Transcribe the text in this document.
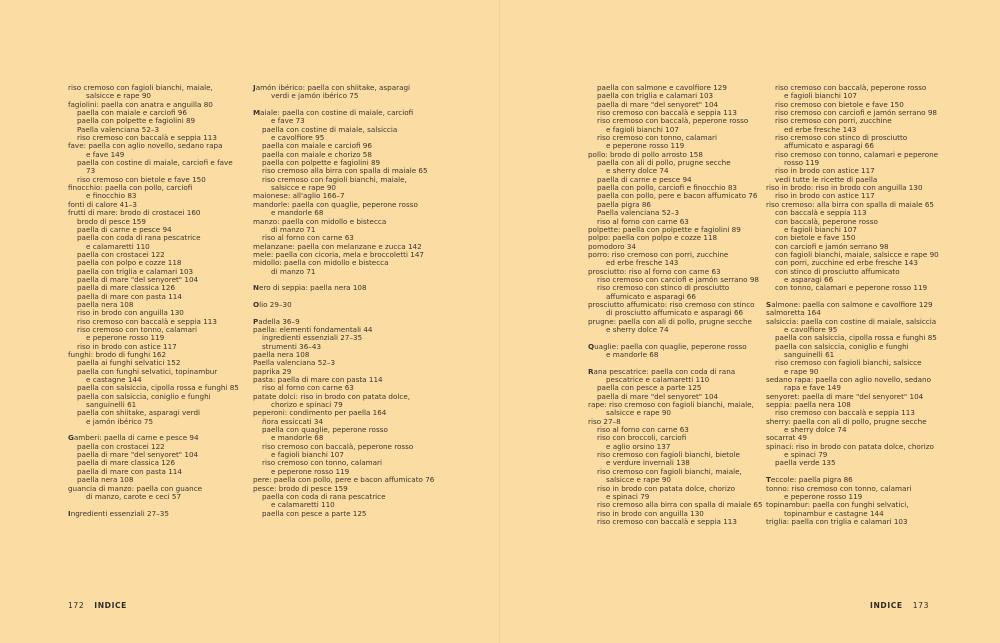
riso cremoso con fagioli bianchi, maiale,

salsicce e rape 90

fagiolini: paella con anatra e anguilla 80

paella con maiale e carciofi 96

paella con polpette e fagiolini 89

Paella valenciana 52–3

riso cremoso con baccalà e seppia 113

fave: paella con aglio novello, sedano rapa

e fave 149

paella con costine di maiale, carciofi e fave

73

riso cremoso con bietole e fave 150

finocchio: paella con pollo, carciofi

e finocchio 83

fonti di calore 41–3

frutti di mare: brodo di crostacei 160

brodo di pesce 159

paella di carne e pesce 94

paella con coda di rana pescatrice

e calamaretti 110

paella con crostacei 122

paella con polpo e cozze 118

paella con triglia e calamari 103

paella di mare "del senyoret" 104

paella di mare classica 126

paella di mare con pasta 114

paella nera 108

riso in brodo con anguilla 130

riso cremoso con baccalà e seppia 113

riso cremoso con tonno, calamari

e peperone rosso 119

riso in brodo con astice 117

funghi: brodo di funghi 162

paella ai funghi selvatici 152

paella con funghi selvatici, topinambur

e castagne 144

paella con salsiccia, cipolla rossa e funghi 85

paella con salsiccia, coniglio e funghi

sanguinelli 61

paella con shiitake, asparagi verdi

e jamón ibérico 75

Gamberi: paella di carne e pesce 94

paella con crostacei 122

paella di mare "del senyoret" 104

paella di mare classica 126

paella di mare con pasta 114

paella nera 108

guancia di manzo: paella con guance

di manzo, carote e ceci 57

Ingredienti essenziali 27–35

Jamón ibérico: paella con shiitake, asparagi

verdi e jamón ibérico 75

Maiale: paella con costine di maiale, carciofi

e fave 73

paella con costine di maiale, salsiccia

e cavolfiore 95

paella con maiale e carciofi 96

paella con maiale e chorizo 58

paella con polpette e fagiolini 89

riso cremoso alla birra con spalla di maiale 65

riso cremoso con fagioli bianchi, maiale,

salsicce e rape 90

maionese: all'aglio 166–7

mandorle: paella con quaglie, peperone rosso

e mandorle 68

manzo: paella con midollo e bistecca

di manzo 71

riso al forno con carne 63

melanzane: paella con melanzane e zucca 142

mele: paella con cicoria, mela e broccoletti 147

midollo: paella con midollo e bistecca

di manzo 71

Nero di seppia: paella nera 108

Olio 29–30

Padella 36–9

paella: elementi fondamentali 44

ingredienti essenziali 27–35

strumenti 36–43

paella nera 108

Paella valenciana 52–3

paprika 29

pasta: paella di mare con pasta 114

riso al forno con carne 63

patate dolci: riso in brodo con patata dolce,

chorizo e spinaci 79

peperoni: condimento per paella 164

ñora essiccati 34

paella con quaglie, peperone rosso

e mandorle 68

riso cremoso con baccalà, peperone rosso

e fagioli bianchi 107

riso cremoso con tonno, calamari

e peperone rosso 119

pere: paella con pollo, pere e bacon affumicato 76

pesce: brodo di pesce 159

paella con coda di rana pescatrice

e calamaretti 110

paella con pesce a parte 125

172 INDICE

paella con salmone e cavolfiore 129

paella con triglia e calamari 103

paella di mare "del senyoret" 104

riso cremoso con baccalà e seppia 113

riso cremoso con baccalà, peperone rosso

e fagioli bianchi 107

riso cremoso con tonno, calamari

e peperone rosso 119

pollo: brodo di pollo arrosto 158

paella con ali di pollo, prugne secche

e sherry dolce 74

paella di carne e pesce 94

paella con pollo, carciofi e finocchio 83

paella con pollo, pere e bacon affumicato 76

paella pigra 86

Paella valenciana 52–3

riso al forno con carne 63

polpette: paella con polpette e fagiolini 89

polpo: paella con polpo e cozze 118

pomodoro 34

porro: riso cremoso con porri, zucchine

ed erbe fresche 143

prosciutto: riso al forno con carne 63

riso cremoso con carciofi e jamón serrano 98

riso cremoso con stinco di prosciutto

affumicato e asparagi 66

prosciutto affumicato: riso cremoso con stinco

di prosciutto affumicato e asparagi 66

prugne: paella con ali di pollo, prugne secche

e sherry dolce 74

Quaglie: paella con quaglie, peperone rosso

e mandorle 68

Rana pescatrice: paella con coda di rana

pescatrice e calamaretti 110

paella con pesce a parte 125

paella di mare "del senyoret" 104

rape: riso cremoso con fagioli bianchi, maiale,

salsicce e rape 90

riso 27–8

riso al forno con carne 63

riso con broccoli, carciofi

e aglio orsino 137

riso cremoso con fagioli bianchi, bietole

e verdure invernali 138

riso cremoso con fagioli bianchi, maiale,

salsicce e rape 90

riso in brodo con patata dolce, chorizo

e spinaci 79

riso cremoso alla birra con spalla di maiale 65

riso in brodo con anguilla 130

riso cremoso con baccalà e seppia 113

riso cremoso con baccalà, peperone rosso

e fagioli bianchi 107

riso cremoso con bietole e fave 150

riso cremoso con carciofi e jamón serrano 98

riso cremoso con porri, zucchine

ed erbe fresche 143

riso cremoso con stinco di prosciutto

affumicato e asparagi 66

riso cremoso con tonno, calamari e peperone

rosso 119

riso in brodo con astice 117

vedi tutte le ricette di paella

riso in brodo: riso in brodo con anguilla 130

riso in brodo con astice 117

riso cremoso: alla birra con spalla di maiale 65

con baccalà e seppia 113

con baccalà, peperone rosso

e fagioli bianchi 107

con bietole e fave 150

con carciofi e jamón serrano 98

con fagioli bianchi, maiale, salsicce e rape 90

con porri, zucchine ed erbe fresche 143

con stinco di prosciutto affumicato

e asparagi 66

con tonno, calamari e peperone rosso 119

Salmone: paella con salmone e cavolfiore 129

salmoretta 164

salsiccia: paella con costine di maiale, salsiccia

e cavolfiore 95

paella con salsiccia, cipolla rossa e funghi 85

paella con salsiccia, coniglio e funghi

sanguinelli 61

riso cremoso con fagioli bianchi, salsicce

e rape 90

sedano rapa: paella con aglio novello, sedano

rapa e fave 149

senyoret: paella di mare "del senyoret" 104

seppia: paella nera 108

riso cremoso con baccalà e seppia 113

sherry: paella con ali di pollo, prugne secche

e sherry dolce 74

socarrat 49

spinaci: riso in brodo con patata dolce, chorizo

e spinaci 79

paella verde 135

Teccole: paella pigra 86

tonno: riso cremoso con tonno, calamari

e peperone rosso 119

topinambur: paella con funghi selvatici,

topinambur e castagne 144

triglia: paella con triglia e calamari 103

INDICE 173
